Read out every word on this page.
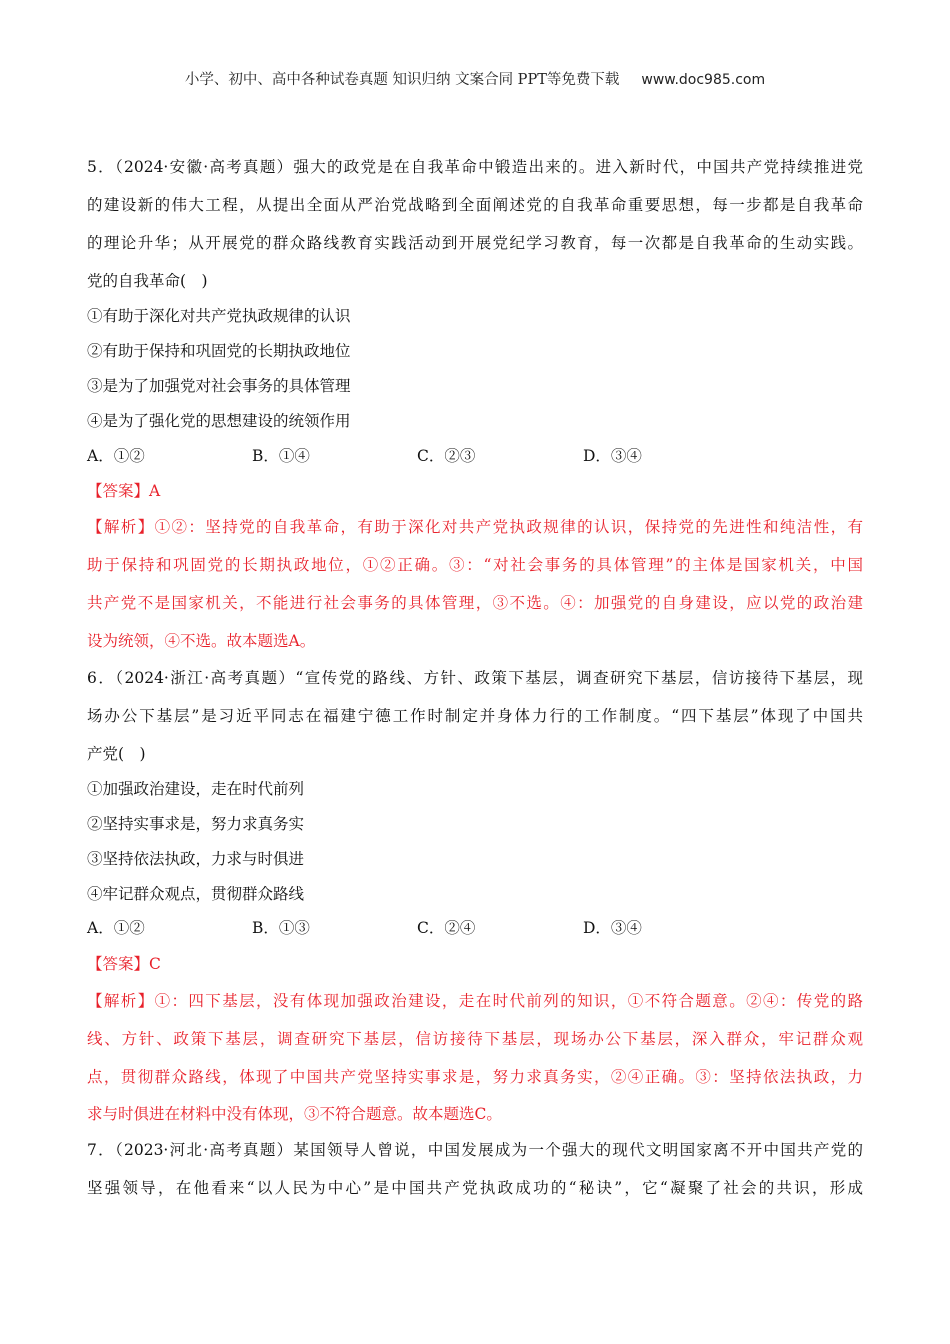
小学、初中、高中各种试卷真题 知识归纳 文案合同 PPT等免费下载 www.doc985.com
5．（2024·安徽·高考真题）强大的政党是在自我革命中锻造出来的。进入新时代，中国共产党持续推进党
的建设新的伟大工程，从提出全面从严治党战略到全面阐述党的自我革命重要思想，每一步都是自我革命
的理论升华；从开展党的群众路线教育实践活动到开展党纪学习教育，每一次都是自我革命的生动实践。
党的自我革命(　)
①有助于深化对共产党执政规律的认识
②有助于保持和巩固党的长期执政地位
③是为了加强党对社会事务的具体管理
④是为了强化党的思想建设的统领作用
A．①②	B．①④	C．②③	D．③④
【答案】A
【解析】①②：坚持党的自我革命，有助于深化对共产党执政规律的认识，保持党的先进性和纯洁性，有
助于保持和巩固党的长期执政地位，①②正确。③：“对社会事务的具体管理”的主体是国家机关，中国
共产党不是国家机关，不能进行社会事务的具体管理，③不选。④：加强党的自身建设，应以党的政治建
设为统领，④不选。故本题选A。
6．（2024·浙江·高考真题）“宣传党的路线、方针、政策下基层，调查研究下基层，信访接待下基层，现
场办公下基层”是习近平同志在福建宁德工作时制定并身体力行的工作制度。“四下基层”体现了中国共
产党(　)
①加强政治建设，走在时代前列
②坚持实事求是，努力求真务实
③坚持依法执政，力求与时俱进
④牢记群众观点，贯彻群众路线
A．①②	B．①③	C．②④	D．③④
【答案】C
【解析】①：四下基层，没有体现加强政治建设，走在时代前列的知识，①不符合题意。②④：传党的路
线、方针、政策下基层，调查研究下基层，信访接待下基层，现场办公下基层，深入群众，牢记群众观
点，贯彻群众路线，体现了中国共产党坚持实事求是，努力求真务实，②④正确。③：坚持依法执政，力
求与时俱进在材料中没有体现，③不符合题意。故本题选C。
7．（2023·河北·高考真题）某国领导人曾说，中国发展成为一个强大的现代文明国家离不开中国共产党的
坚强领导，在他看来“以人民为中心”是中国共产党执政成功的“秘诀”，它“凝聚了社会的共识，形成
